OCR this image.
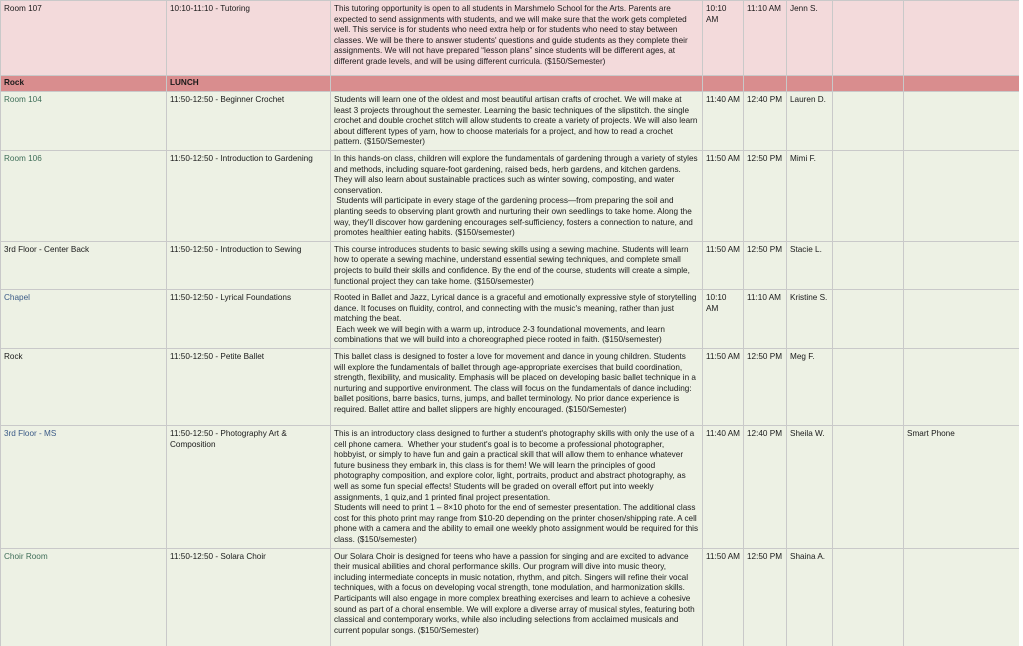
Room 107	10:10-11:10 - Tutoring	This tutoring opportunity is open to all students in Marshmelo School for the Arts. Parents are expected to send assignments with students, and we will make sure that the work gets completed well. This service is for students who need extra help or for students who need to stay between classes. We will be there to answer students' questions and guide students as they complete their assignments. We will not have prepared “lesson plans” since students will be different ages, at different grade levels, and will be using different curricula. ($150/Semester)	10:10 AM	11:10 AM	Jenn S.		
Rock	LUNCH	

Room 104	11:50-12:50 - Beginner Crochet	Students will learn one of the oldest and most beautiful artisan crafts of crochet. We will make at least 3 projects throughout the semester. Learning the basic techniques of the slipstitch. the single crochet and double crochet stitch will allow students to create a variety of projects. We will also learn about different types of yarn, how to choose materials for a project, and how to read a crochet pattern. ($150/Semester)	11:40 AM	12:40 PM	Lauren D.		
Room 106	11:50-12:50 - Introduction to Gardening	In this hands-on class, children will explore the fundamentals of gardening through a variety of styles and methods, including square-foot gardening, raised beds, herb gardens, and kitchen gardens. They will also learn about sustainable practices such as winter sowing, composting, and water conservation.

Students will participate in every stage of the gardening process—from preparing the soil and planting seeds to observing plant growth and nurturing their own seedlings to take home. Along the way, they'll discover how gardening encourages self-sufficiency, fosters a connection to nature, and promotes healthier eating habits. ($150/semester)	11:50 AM	12:50 PM	Mimi F.		
3rd Floor - Center Back	11:50-12:50 - Introduction to Sewing	This course introduces students to basic sewing skills using a sewing machine. Students will learn how to operate a sewing machine, understand essential sewing techniques, and complete small projects to build their skills and confidence. By the end of the course, students will create a simple, functional project they can take home. ($150/semester)	11:50 AM	12:50 PM	Stacie L.		
Chapel	11:50-12:50 - Lyrical Foundations	Rooted in Ballet and Jazz, Lyrical dance is a graceful and emotionally expressive style of storytelling dance. It focuses on fluidity, control, and connecting with the music's meaning, rather than just matching the beat.

Each week we will begin with a warm up, introduce 2-3 foundational movements, and learn combinations that we will build into a choreographed piece rooted in faith. ($150/semester)	10:10 AM	11:10 AM	Kristine S.		
Rock	11:50-12:50 - Petite Ballet	This ballet class is designed to foster a love for movement and dance in young children. Students will explore the fundamentals of ballet through age-appropriate exercises that build coordination, strength, flexibility, and musicality. Emphasis will be placed on developing basic ballet technique in a nurturing and supportive environment. The class will focus on the fundamentals of dance including: ballet positions, barre basics, turns, jumps, and ballet terminology. No prior dance experience is required. Ballet attire and ballet slippers are highly encouraged. ($150/Semester)	11:50 AM	12:50 PM	Meg F.		
3rd Floor - MS	11:50-12:50 - Photography Art & Composition	This is an introductory class designed to further a student's photography skills with only the use of a cell phone camera.  Whether your student's goal is to become a professional photographer, hobbyist, or simply to have fun and gain a practical skill that will allow them to enhance whatever future business they embark in, this class is for them! We will learn the principles of good photography composition, and explore color, light, portraits, product and abstract photography, as well as some fun special effects! Students will be graded on overall effort put into weekly assignments, 1 quiz,and 1 printed final project presentation.

Students will need to print 1 – 8×10 photo for the end of semester presentation. The additional class cost for this photo print may range from $10-20 depending on the printer chosen/shipping rate. A cell phone with a camera and the ability to email one weekly photo assignment would be required for this class. ($150/semester)	11:40 AM	12:40 PM	Sheila W.		Smart Phone
Choir Room	11:50-12:50 - Solara Choir	Our Solara Choir is designed for teens who have a passion for singing and are excited to advance their musical abilities and choral performance skills. Our program will dive into music theory, including intermediate concepts in music notation, rhythm, and pitch. Singers will refine their vocal techniques, with a focus on developing vocal strength, tone modulation, and harmonization skills. Participants will also engage in more complex breathing exercises and learn to achieve a cohesive sound as part of a choral ensemble. We will explore a diverse array of musical styles, featuring both classical and contemporary works, while also including selections from acclaimed musicals and current popular songs. ($150/Semester)	11:50 AM	12:50 PM	Shaina A.		
